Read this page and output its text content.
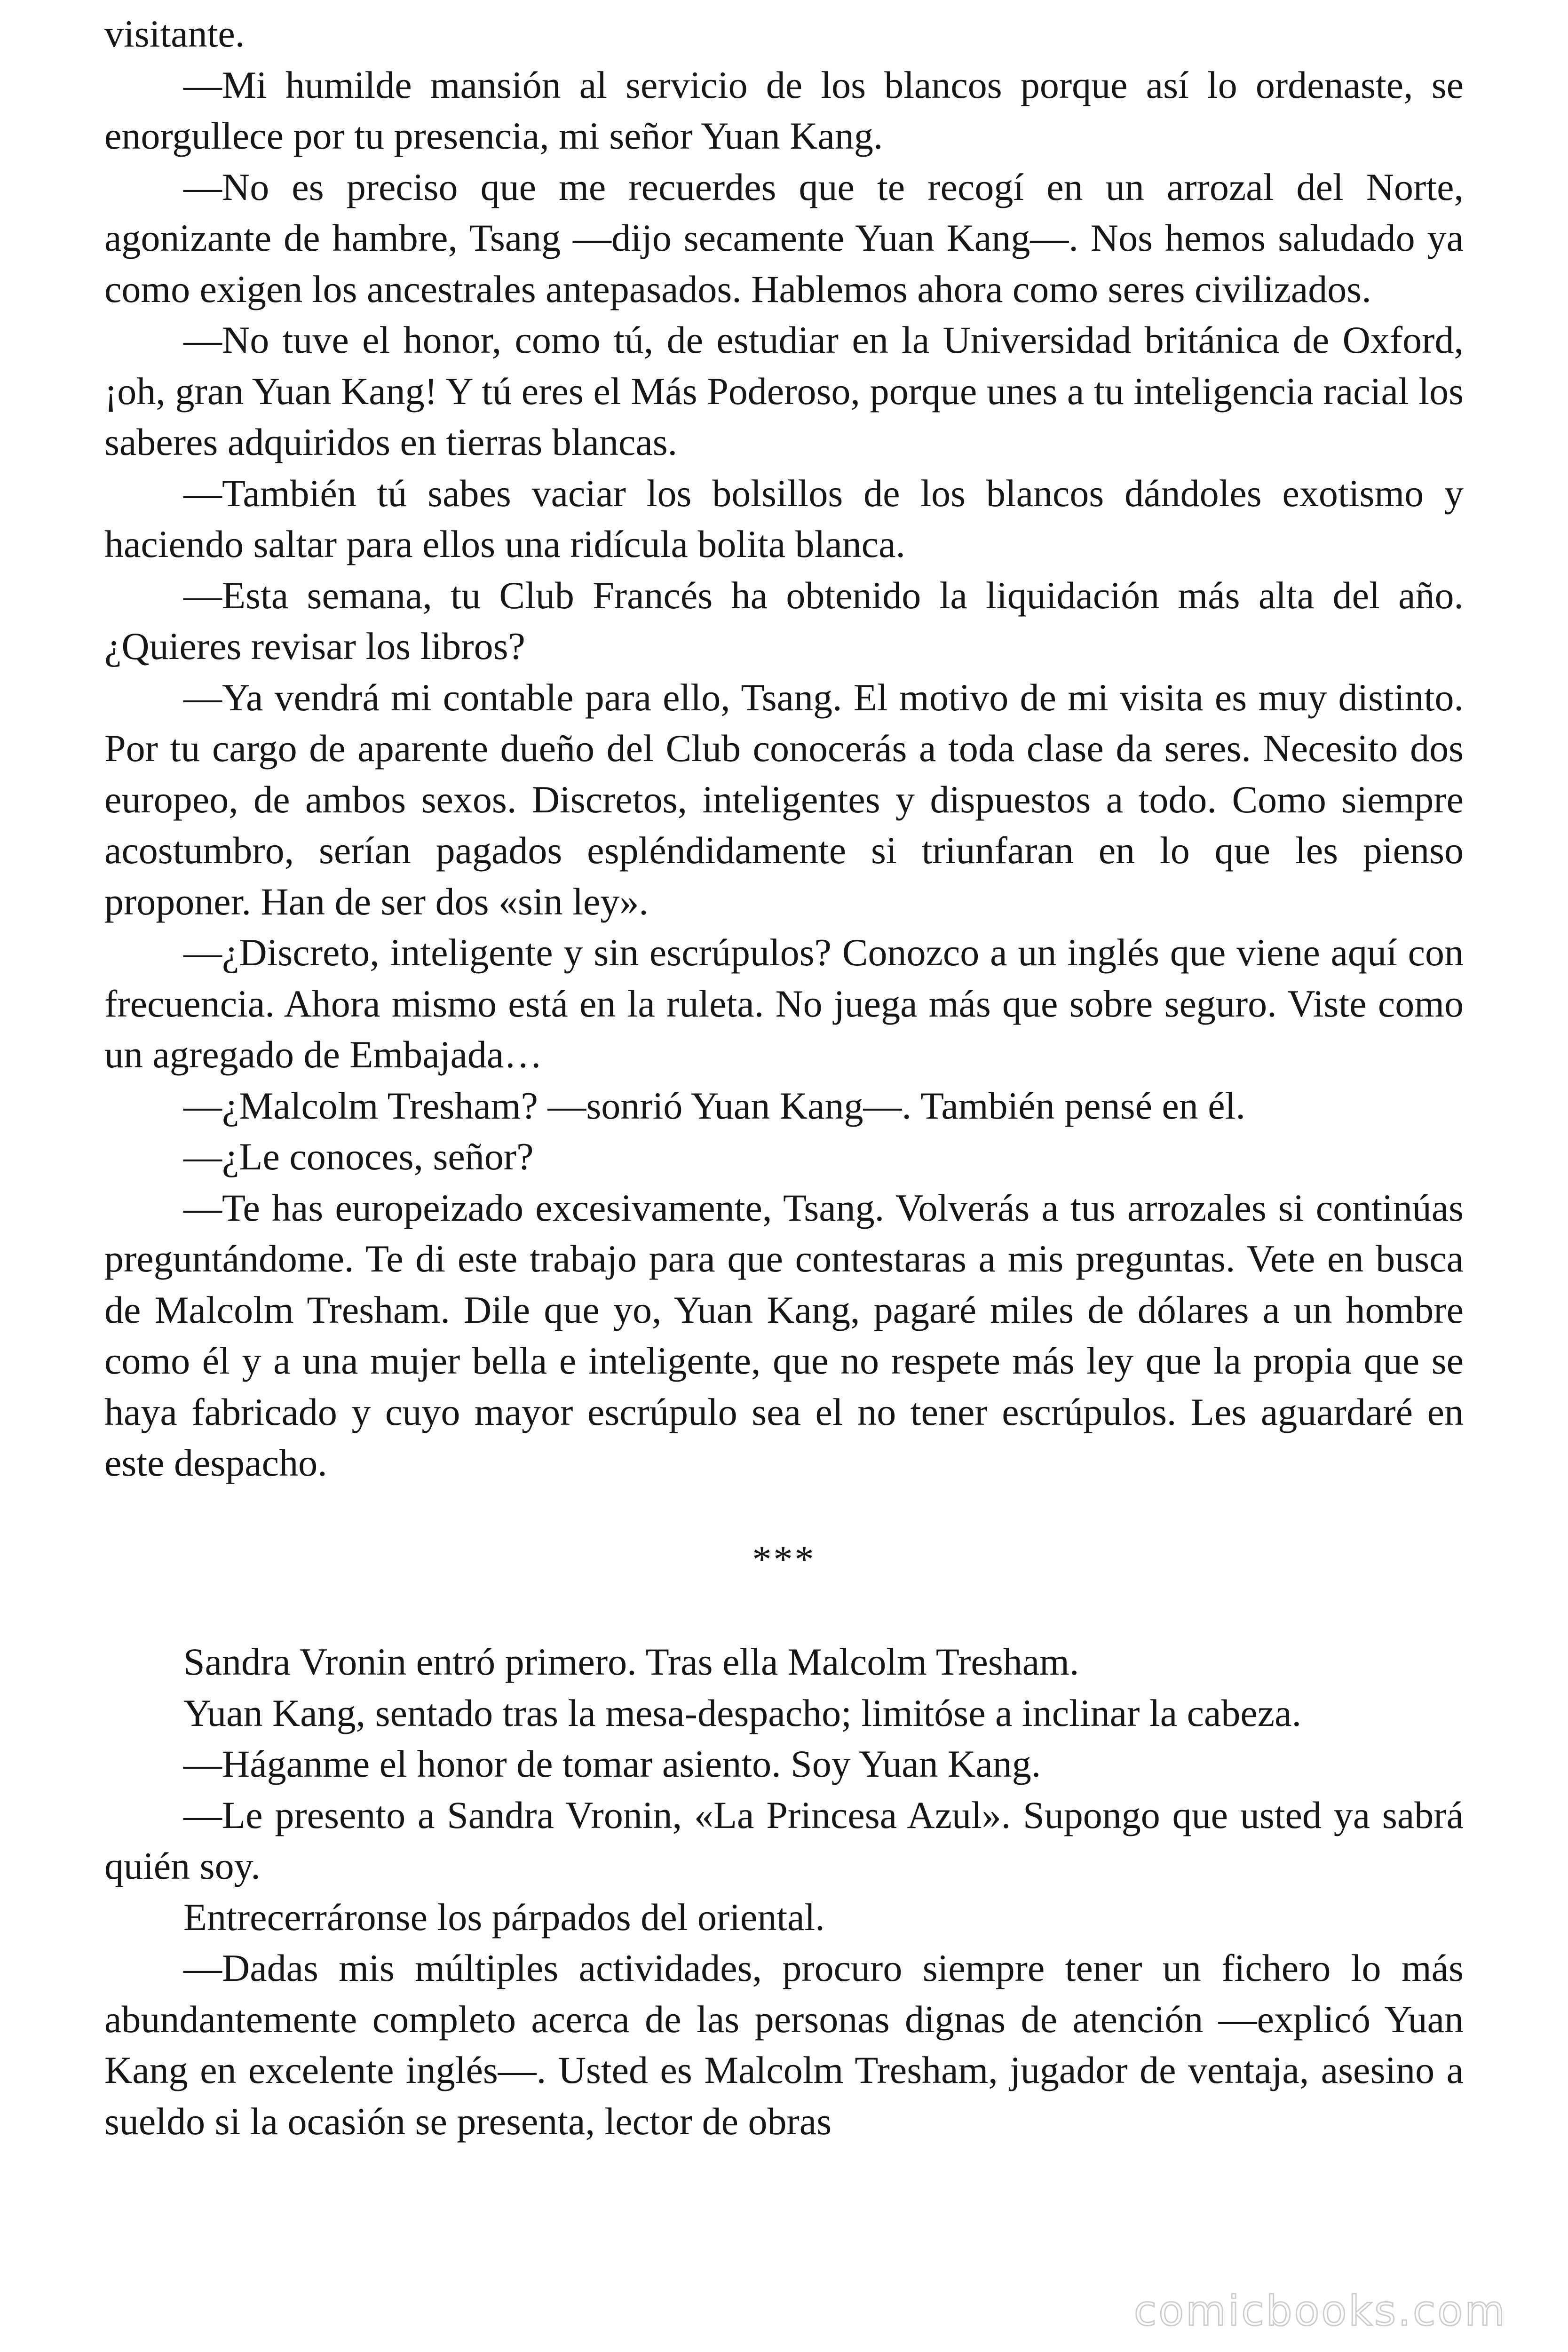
visitante.

—Mi humilde mansión al servicio de los blancos porque así lo ordenaste, se enorgullece por tu presencia, mi señor Yuan Kang.

—No es preciso que me recuerdes que te recogí en un arrozal del Norte, agonizante de hambre, Tsang —dijo secamente Yuan Kang—. Nos hemos saludado ya como exigen los ancestrales antepasados. Hablemos ahora como seres civilizados.

—No tuve el honor, como tú, de estudiar en la Universidad británica de Oxford, ¡oh, gran Yuan Kang! Y tú eres el Más Poderoso, porque unes a tu inteligencia racial los saberes adquiridos en tierras blancas.

—También tú sabes vaciar los bolsillos de los blancos dándoles exotismo y haciendo saltar para ellos una ridícula bolita blanca.

—Esta semana, tu Club Francés ha obtenido la liquidación más alta del año. ¿Quieres revisar los libros?

—Ya vendrá mi contable para ello, Tsang. El motivo de mi visita es muy distinto. Por tu cargo de aparente dueño del Club conocerás a toda clase da seres. Necesito dos europeo, de ambos sexos. Discretos, inteligentes y dispuestos a todo. Como siempre acostumbro, serían pagados espléndidamente si triunfaran en lo que les pienso proponer. Han de ser dos «sin ley».

—¿Discreto, inteligente y sin escrúpulos? Conozco a un inglés que viene aquí con frecuencia. Ahora mismo está en la ruleta. No juega más que sobre seguro. Viste como un agregado de Embajada…

—¿Malcolm Tresham? —sonrió Yuan Kang—. También pensé en él.

—¿Le conoces, señor?

—Te has europeizado excesivamente, Tsang. Volverás a tus arrozales si continúas preguntándome. Te di este trabajo para que contestaras a mis preguntas. Vete en busca de Malcolm Tresham. Dile que yo, Yuan Kang, pagaré miles de dólares a un hombre como él y a una mujer bella e inteligente, que no respete más ley que la propia que se haya fabricado y cuyo mayor escrúpulo sea el no tener escrúpulos. Les aguardaré en este despacho.

***

Sandra Vronin entró primero. Tras ella Malcolm Tresham.

Yuan Kang, sentado tras la mesa-despacho; limitóse a inclinar la cabeza.

—Háganme el honor de tomar asiento. Soy Yuan Kang.

—Le presento a Sandra Vronin, «La Princesa Azul». Supongo que usted ya sabrá quién soy.

Entrecerráronse los párpados del oriental.

—Dadas mis múltiples actividades, procuro siempre tener un fichero lo más abundantemente completo acerca de las personas dignas de atención —explicó Yuan Kang en excelente inglés—. Usted es Malcolm Tresham, jugador de ventaja, asesino a sueldo si la ocasión se presenta, lector de obras

comicbooks.com
